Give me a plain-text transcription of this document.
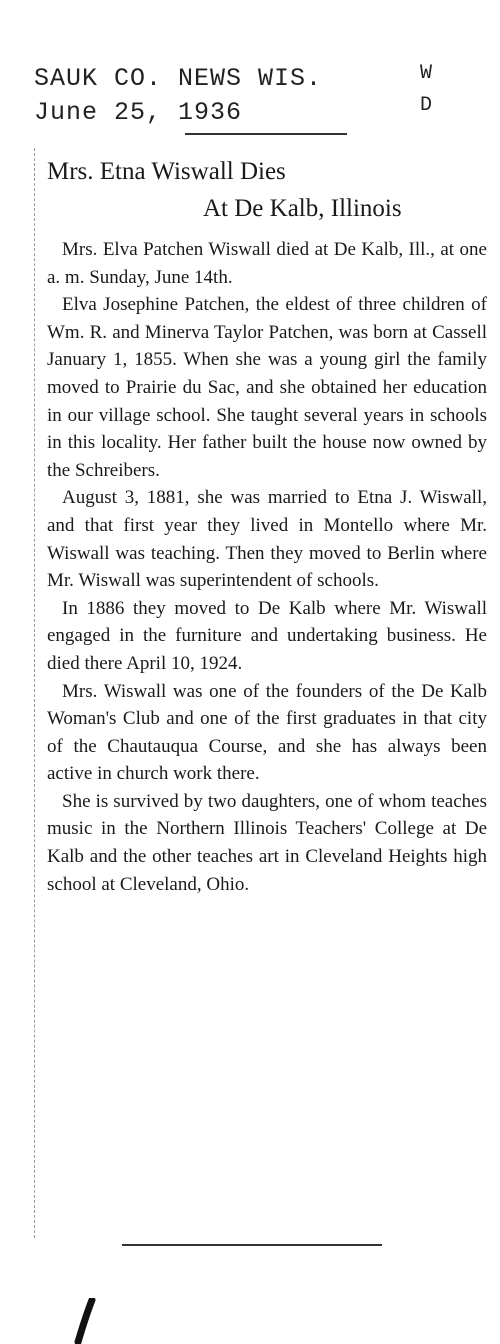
SAUK CO. NEWS WIS.
June 25, 1936
W
D
Mrs. Etna Wiswall Dies
At De Kalb, Illinois

Mrs. Elva Patchen Wiswall died at De Kalb, Ill., at one a. m. Sunday, June 14th.

Elva Josephine Patchen, the eldest of three children of Wm. R. and Minerva Taylor Patchen, was born at Cassell January 1, 1855. When she was a young girl the family moved to Prairie du Sac, and she obtained her education in our village school. She taught several years in schools in this locality. Her father built the house now owned by the Schreibers.

August 3, 1881, she was married to Etna J. Wiswall, and that first year they lived in Montello where Mr. Wiswall was teaching. Then they moved to Berlin where Mr. Wiswall was superintendent of schools.

In 1886 they moved to De Kalb where Mr. Wiswall engaged in the furniture and undertaking business. He died there April 10, 1924.

Mrs. Wiswall was one of the founders of the De Kalb Woman's Club and one of the first graduates in that city of the Chautauqua Course, and she has always been active in church work there.

She is survived by two daughters, one of whom teaches music in the Northern Illinois Teachers' College at De Kalb and the other teaches art in Cleveland Heights high school at Cleveland, Ohio.
